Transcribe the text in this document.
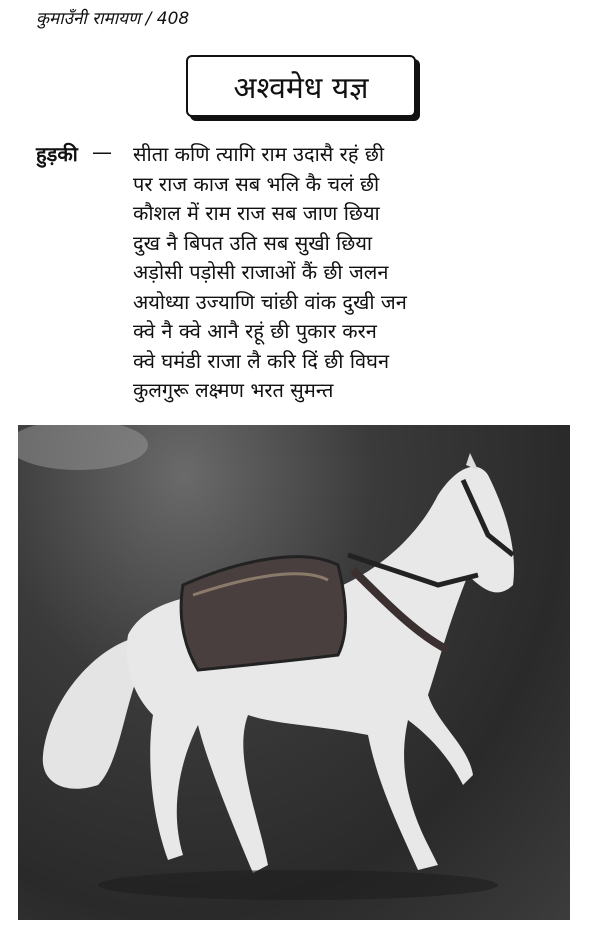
कुमाउँनी रामायण / 408
अश्वमेध यज्ञ
हुड़की — सीता कणि त्यागि राम उदासै रहं छी
पर राज काज सब भलि कै चलं छी
कौशल में राम राज सब जाण छिया
दुख नै बिपत उति सब सुखी छिया
अड़ोसी पड़ोसी राजाओं कैं छी जलन
अयोध्या उज्याणि चांछी वांक दुखी जन
क्वे नै क्वे आनै रहूं छी पुकार करन
क्वे घमंडी राजा लै करि दिं छी विघन
कुलगुरू लक्ष्मण भरत सुमन्त
